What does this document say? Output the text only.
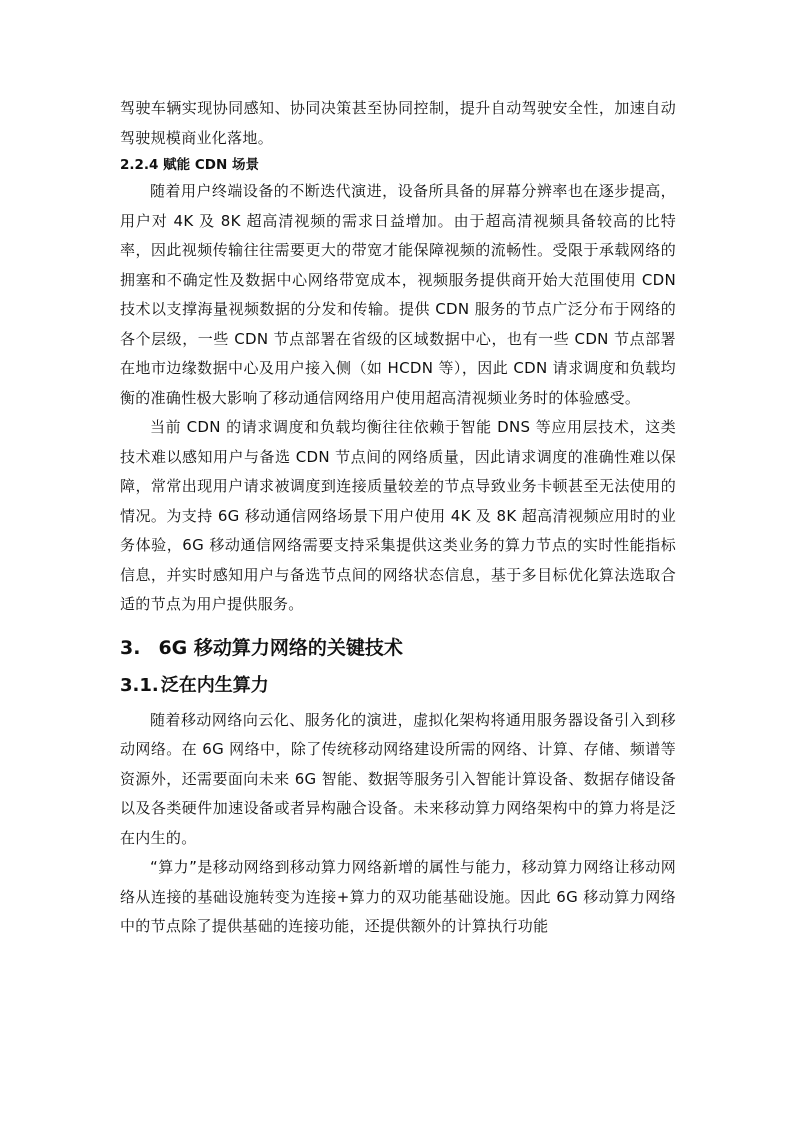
驾驶车辆实现协同感知、协同决策甚至协同控制，提升自动驾驶安全性，加速自动驾驶规模商业化落地。

2.2.4 赋能 CDN 场景

随着用户终端设备的不断迭代演进，设备所具备的屏幕分辨率也在逐步提高，用户对 4K 及 8K 超高清视频的需求日益增加。由于超高清视频具备较高的比特率，因此视频传输往往需要更大的带宽才能保障视频的流畅性。受限于承载网络的拥塞和不确定性及数据中心网络带宽成本，视频服务提供商开始大范围使用 CDN 技术以支撑海量视频数据的分发和传输。提供 CDN 服务的节点广泛分布于网络的各个层级，一些 CDN 节点部署在省级的区域数据中心，也有一些 CDN 节点部署在地市边缘数据中心及用户接入侧（如 HCDN 等），因此 CDN 请求调度和负载均衡的准确性极大影响了移动通信网络用户使用超高清视频业务时的体验感受。

当前 CDN 的请求调度和负载均衡往往依赖于智能 DNS 等应用层技术，这类技术难以感知用户与备选 CDN 节点间的网络质量，因此请求调度的准确性难以保障，常常出现用户请求被调度到连接质量较差的节点导致业务卡顿甚至无法使用的情况。为支持 6G 移动通信网络场景下用户使用 4K 及 8K 超高清视频应用时的业务体验，6G 移动通信网络需要支持采集提供这类业务的算力节点的实时性能指标信息，并实时感知用户与备选节点间的网络状态信息，基于多目标优化算法选取合适的节点为用户提供服务。

3. 6G 移动算力网络的关键技术
3.1. 泛在内生算力

随着移动网络向云化、服务化的演进，虚拟化架构将通用服务器设备引入到移动网络。在 6G 网络中，除了传统移动网络建设所需的网络、计算、存储、频谱等资源外，还需要面向未来 6G 智能、数据等服务引入智能计算设备、数据存储设备以及各类硬件加速设备或者异构融合设备。未来移动算力网络架构中的算力将是泛在内生的。

“算力”是移动网络到移动算力网络新增的属性与能力，移动算力网络让移动网络从连接的基础设施转变为连接+算力的双功能基础设施。因此 6G 移动算力网络中的节点除了提供基础的连接功能，还提供额外的计算执行功能
